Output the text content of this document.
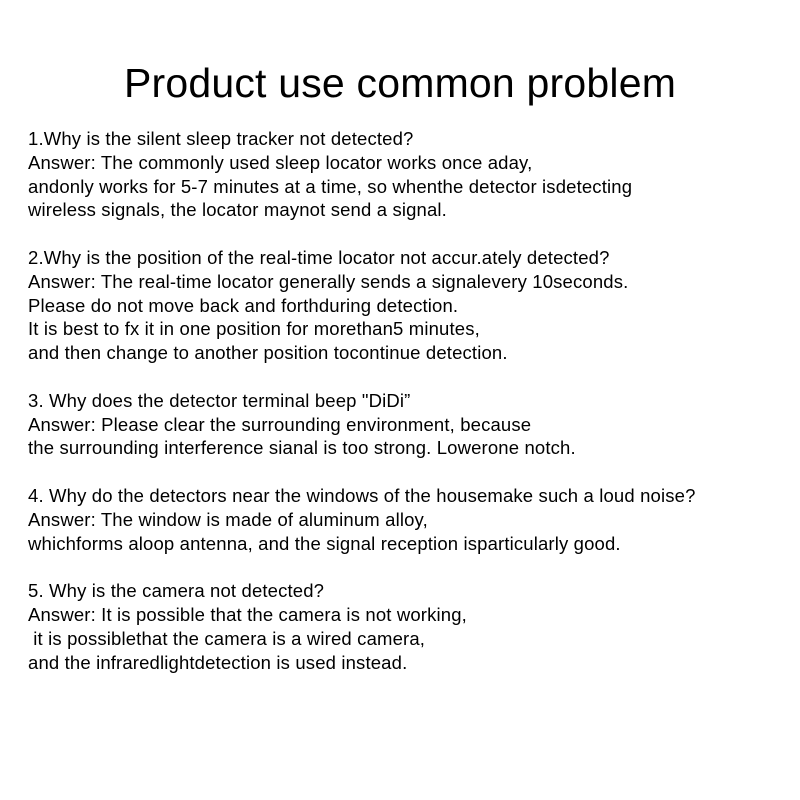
Product use common problem
1.Why is the silent sleep tracker not detected?
Answer: The commonly used sleep locator works once aday,
andonly works for 5-7 minutes at a time, so whenthe detector isdetecting
wireless signals, the locator maynot send a signal.
2.Why is the position of the real-time locator not accur.ately detected?
Answer: The real-time locator generally sends a signalevery 10seconds.
Please do not move back and forthduring detection.
It is best to fx it in one position for morethan5 minutes,
and then change to another position tocontinue detection.
3. Why does the detector terminal beep "DiDi”
Answer: Please clear the surrounding environment, because
the surrounding interference sianal is too strong. Lowerone notch.
4. Why do the detectors near the windows of the housemake such a loud noise?
Answer: The window is made of aluminum alloy,
whichforms aloop antenna, and the signal reception isparticularly good.
5. Why is the camera not detected?
Answer: It is possible that the camera is not working,
it is possiblethat the camera is a wired camera,
and the infraredlightdetection is used instead.
